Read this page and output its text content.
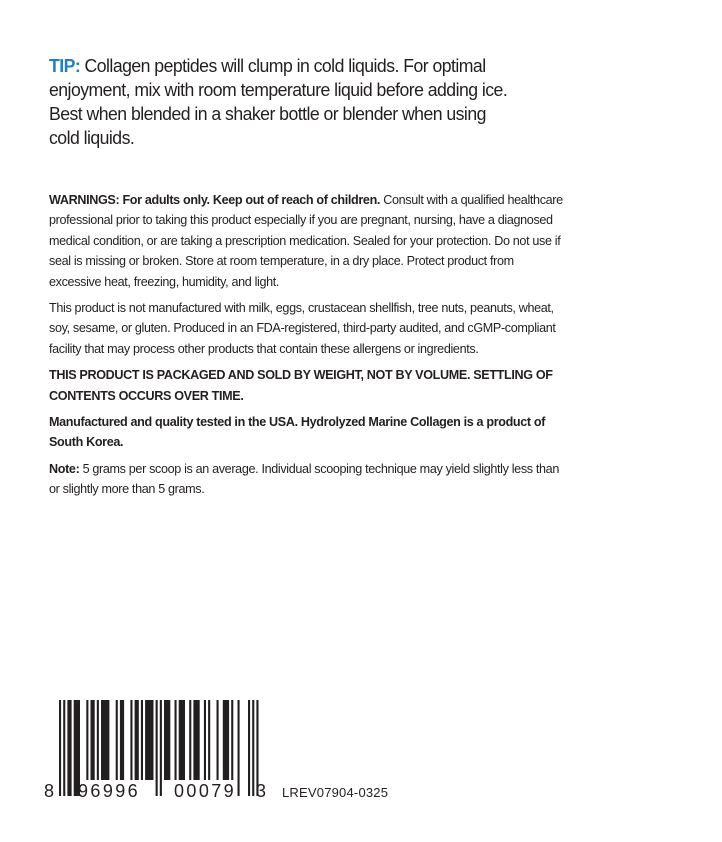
TIP: Collagen peptides will clump in cold liquids. For optimal enjoyment, mix with room temperature liquid before adding ice. Best when blended in a shaker bottle or blender when using cold liquids.

WARNINGS: For adults only. Keep out of reach of children. Consult with a qualified healthcare professional prior to taking this product especially if you are pregnant, nursing, have a diagnosed medical condition, or are taking a prescription medication. Sealed for your protection. Do not use if seal is missing or broken. Store at room temperature, in a dry place. Protect product from excessive heat, freezing, humidity, and light.

This product is not manufactured with milk, eggs, crustacean shellfish, tree nuts, peanuts, wheat, soy, sesame, or gluten. Produced in an FDA-registered, third-party audited, and cGMP-compliant facility that may process other products that contain these allergens or ingredients.

THIS PRODUCT IS PACKAGED AND SOLD BY WEIGHT, NOT BY VOLUME. SETTLING OF CONTENTS OCCURS OVER TIME.

Manufactured and quality tested in the USA. Hydrolyzed Marine Collagen is a product of South Korea.

Note: 5 grams per scoop is an average. Individual scooping technique may yield slightly less than or slightly more than 5 grams.

8 96996 00079 3 LREV07904-0325
